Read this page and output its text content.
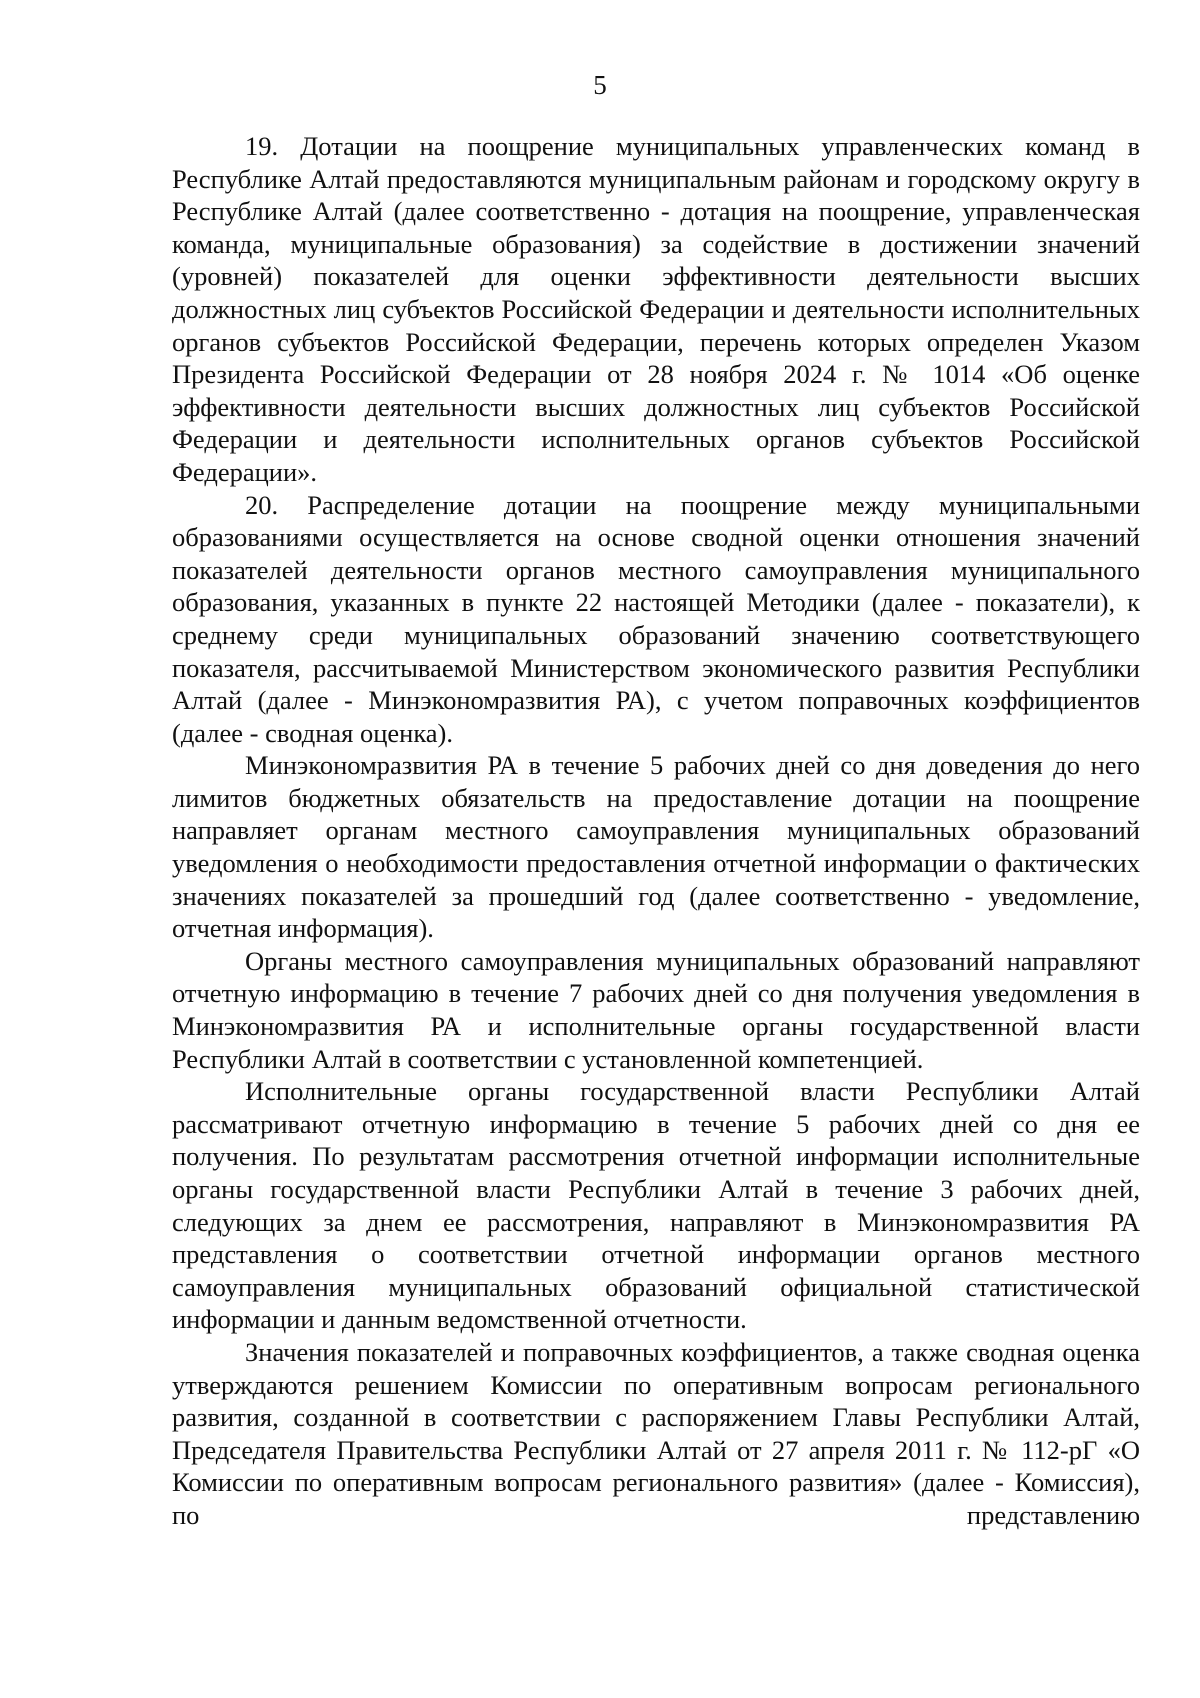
5

19. Дотации на поощрение муниципальных управленческих команд в Республике Алтай предоставляются муниципальным районам и городскому округу в Республике Алтай (далее соответственно - дотация на поощрение, управленческая команда, муниципальные образования) за содействие в достижении значений (уровней) показателей для оценки эффективности деятельности высших должностных лиц субъектов Российской Федерации и деятельности исполнительных органов субъектов Российской Федерации, перечень которых определен Указом Президента Российской Федерации от 28 ноября 2024 г. № 1014 «Об оценке эффективности деятельности высших должностных лиц субъектов Российской Федерации и деятельности исполнительных органов субъектов Российской Федерации».

20. Распределение дотации на поощрение между муниципальными образованиями осуществляется на основе сводной оценки отношения значений показателей деятельности органов местного самоуправления муниципального образования, указанных в пункте 22 настоящей Методики (далее - показатели), к среднему среди муниципальных образований значению соответствующего показателя, рассчитываемой Министерством экономического развития Республики Алтай (далее - Минэкономразвития РА), с учетом поправочных коэффициентов (далее - сводная оценка).

Минэкономразвития РА в течение 5 рабочих дней со дня доведения до него лимитов бюджетных обязательств на предоставление дотации на поощрение направляет органам местного самоуправления муниципальных образований уведомления о необходимости предоставления отчетной информации о фактических значениях показателей за прошедший год (далее соответственно - уведомление, отчетная информация).

Органы местного самоуправления муниципальных образований направляют отчетную информацию в течение 7 рабочих дней со дня получения уведомления в Минэкономразвития РА и исполнительные органы государственной власти Республики Алтай в соответствии с установленной компетенцией.

Исполнительные органы государственной власти Республики Алтай рассматривают отчетную информацию в течение 5 рабочих дней со дня ее получения. По результатам рассмотрения отчетной информации исполнительные органы государственной власти Республики Алтай в течение 3 рабочих дней, следующих за днем ее рассмотрения, направляют в Минэкономразвития РА представления о соответствии отчетной информации органов местного самоуправления муниципальных образований официальной статистической информации и данным ведомственной отчетности.

Значения показателей и поправочных коэффициентов, а также сводная оценка утверждаются решением Комиссии по оперативным вопросам регионального развития, созданной в соответствии с распоряжением Главы Республики Алтай, Председателя Правительства Республики Алтай от 27 апреля 2011 г. № 112-рГ «О Комиссии по оперативным вопросам регионального развития» (далее - Комиссия), по представлению
